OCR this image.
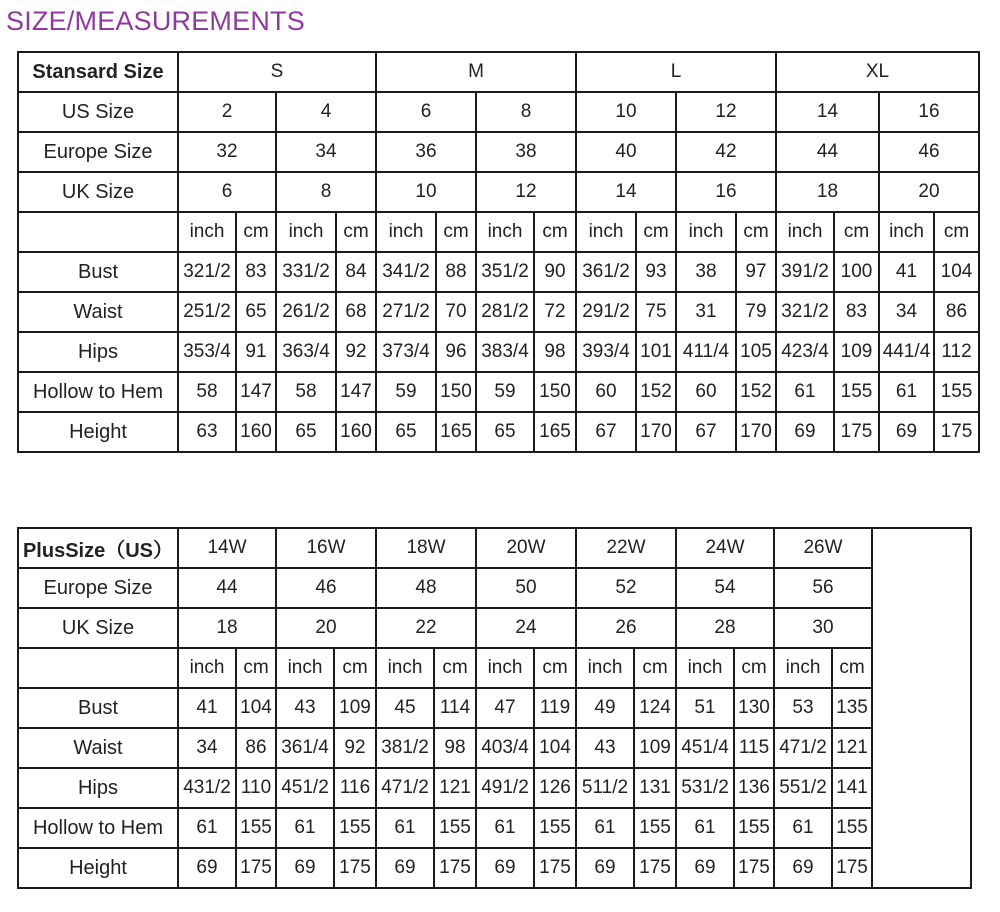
SIZE/MEASUREMENTS
Stansard Size	S				M				L				XL			
US Size	2		4		6		8		10		12		14		16	
Europe Size	32		34		36		38		40		42		44		46	
UK Size	6		8		10		12		14		16		18		20	
	inch	cm	inch	cm	inch	cm	inch	cm	inch	cm	inch	cm	inch	cm	inch	cm
Bust	321/2	83	331/2	84	341/2	88	351/2	90	361/2	93	38	97	391/2	100	41	104
Waist	251/2	65	261/2	68	271/2	70	281/2	72	291/2	75	31	79	321/2	83	34	86
Hips	353/4	91	363/4	92	373/4	96	383/4	98	393/4	101	411/4	105	423/4	109	441/4	112
Hollow to Hem	58	147	58	147	59	150	59	150	60	152	60	152	61	155	61	155
Height	63	160	65	160	65	165	65	165	67	170	67	170	69	175	69	175
PlusSize（US）	14W		16W		18W		20W		22W		24W		26W		
Europe Size	44		46		48		50		52		54		56		
UK Size	18		20		22		24		26		28		30		
	inch	cm	inch	cm	inch	cm	inch	cm	inch	cm	inch	cm	inch	cm	
Bust	41	104	43	109	45	114	47	119	49	124	51	130	53	135	
Waist	34	86	361/4	92	381/2	98	403/4	104	43	109	451/4	115	471/2	121	
Hips	431/2	110	451/2	116	471/2	121	491/2	126	511/2	131	531/2	136	551/2	141	
Hollow to Hem	61	155	61	155	61	155	61	155	61	155	61	155	61	155	
Height	69	175	69	175	69	175	69	175	69	175	69	175	69	175	
